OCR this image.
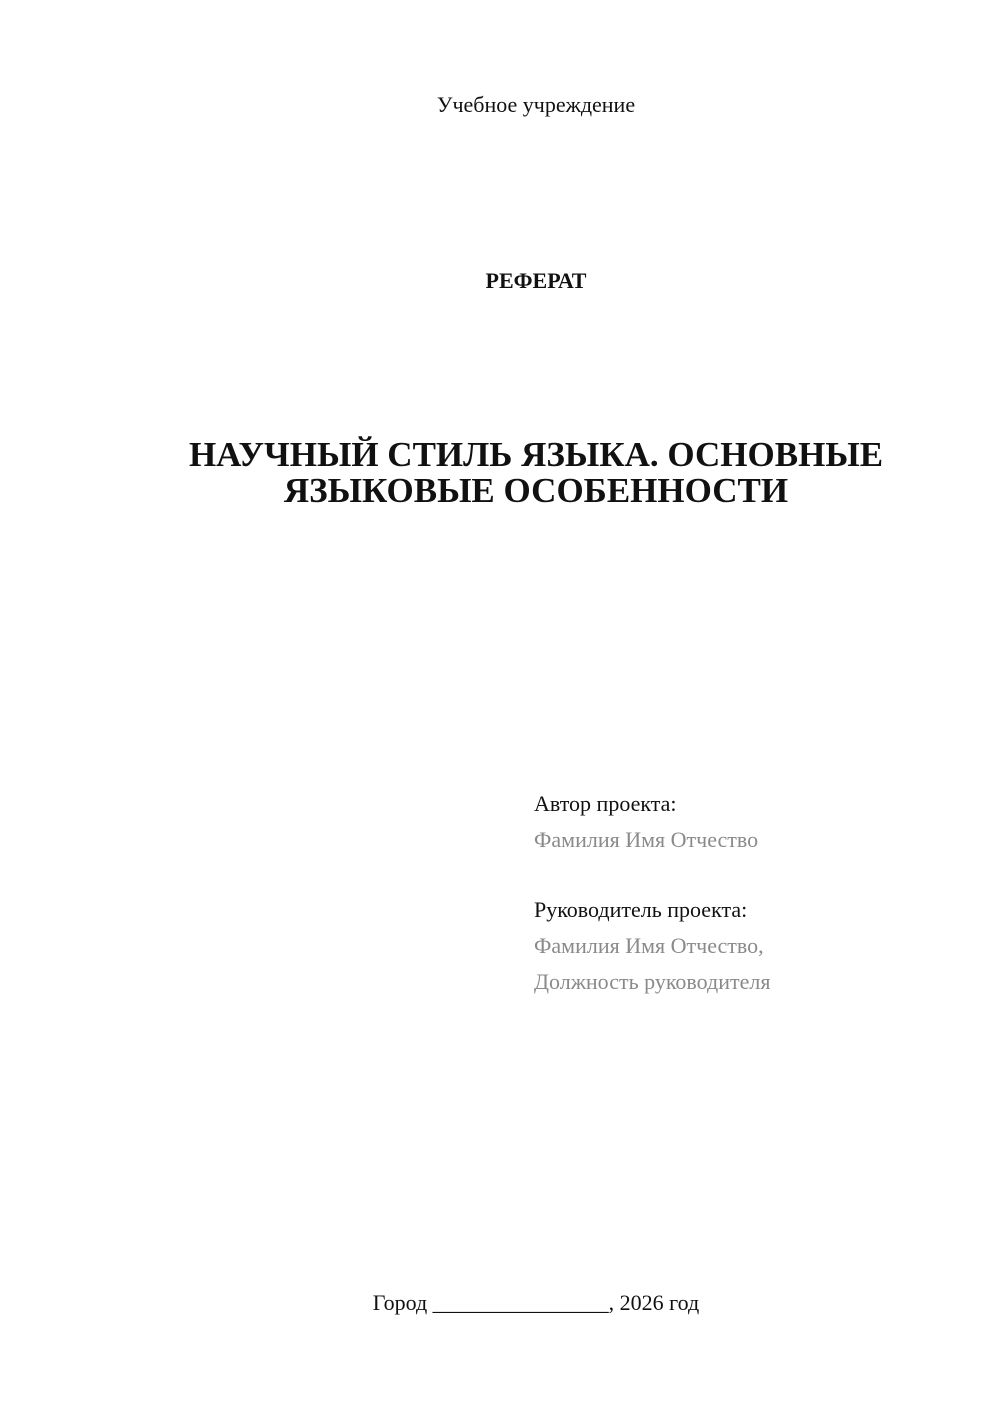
Учебное учреждение
РЕФЕРАТ
НАУЧНЫЙ СТИЛЬ ЯЗЫКА. ОСНОВНЫЕ
ЯЗЫКОВЫЕ ОСОБЕННОСТИ
Автор проекта:
Фамилия Имя Отчество
Руководитель проекта:
Фамилия Имя Отчество,
Должность руководителя
Город ________________, 2026 год
